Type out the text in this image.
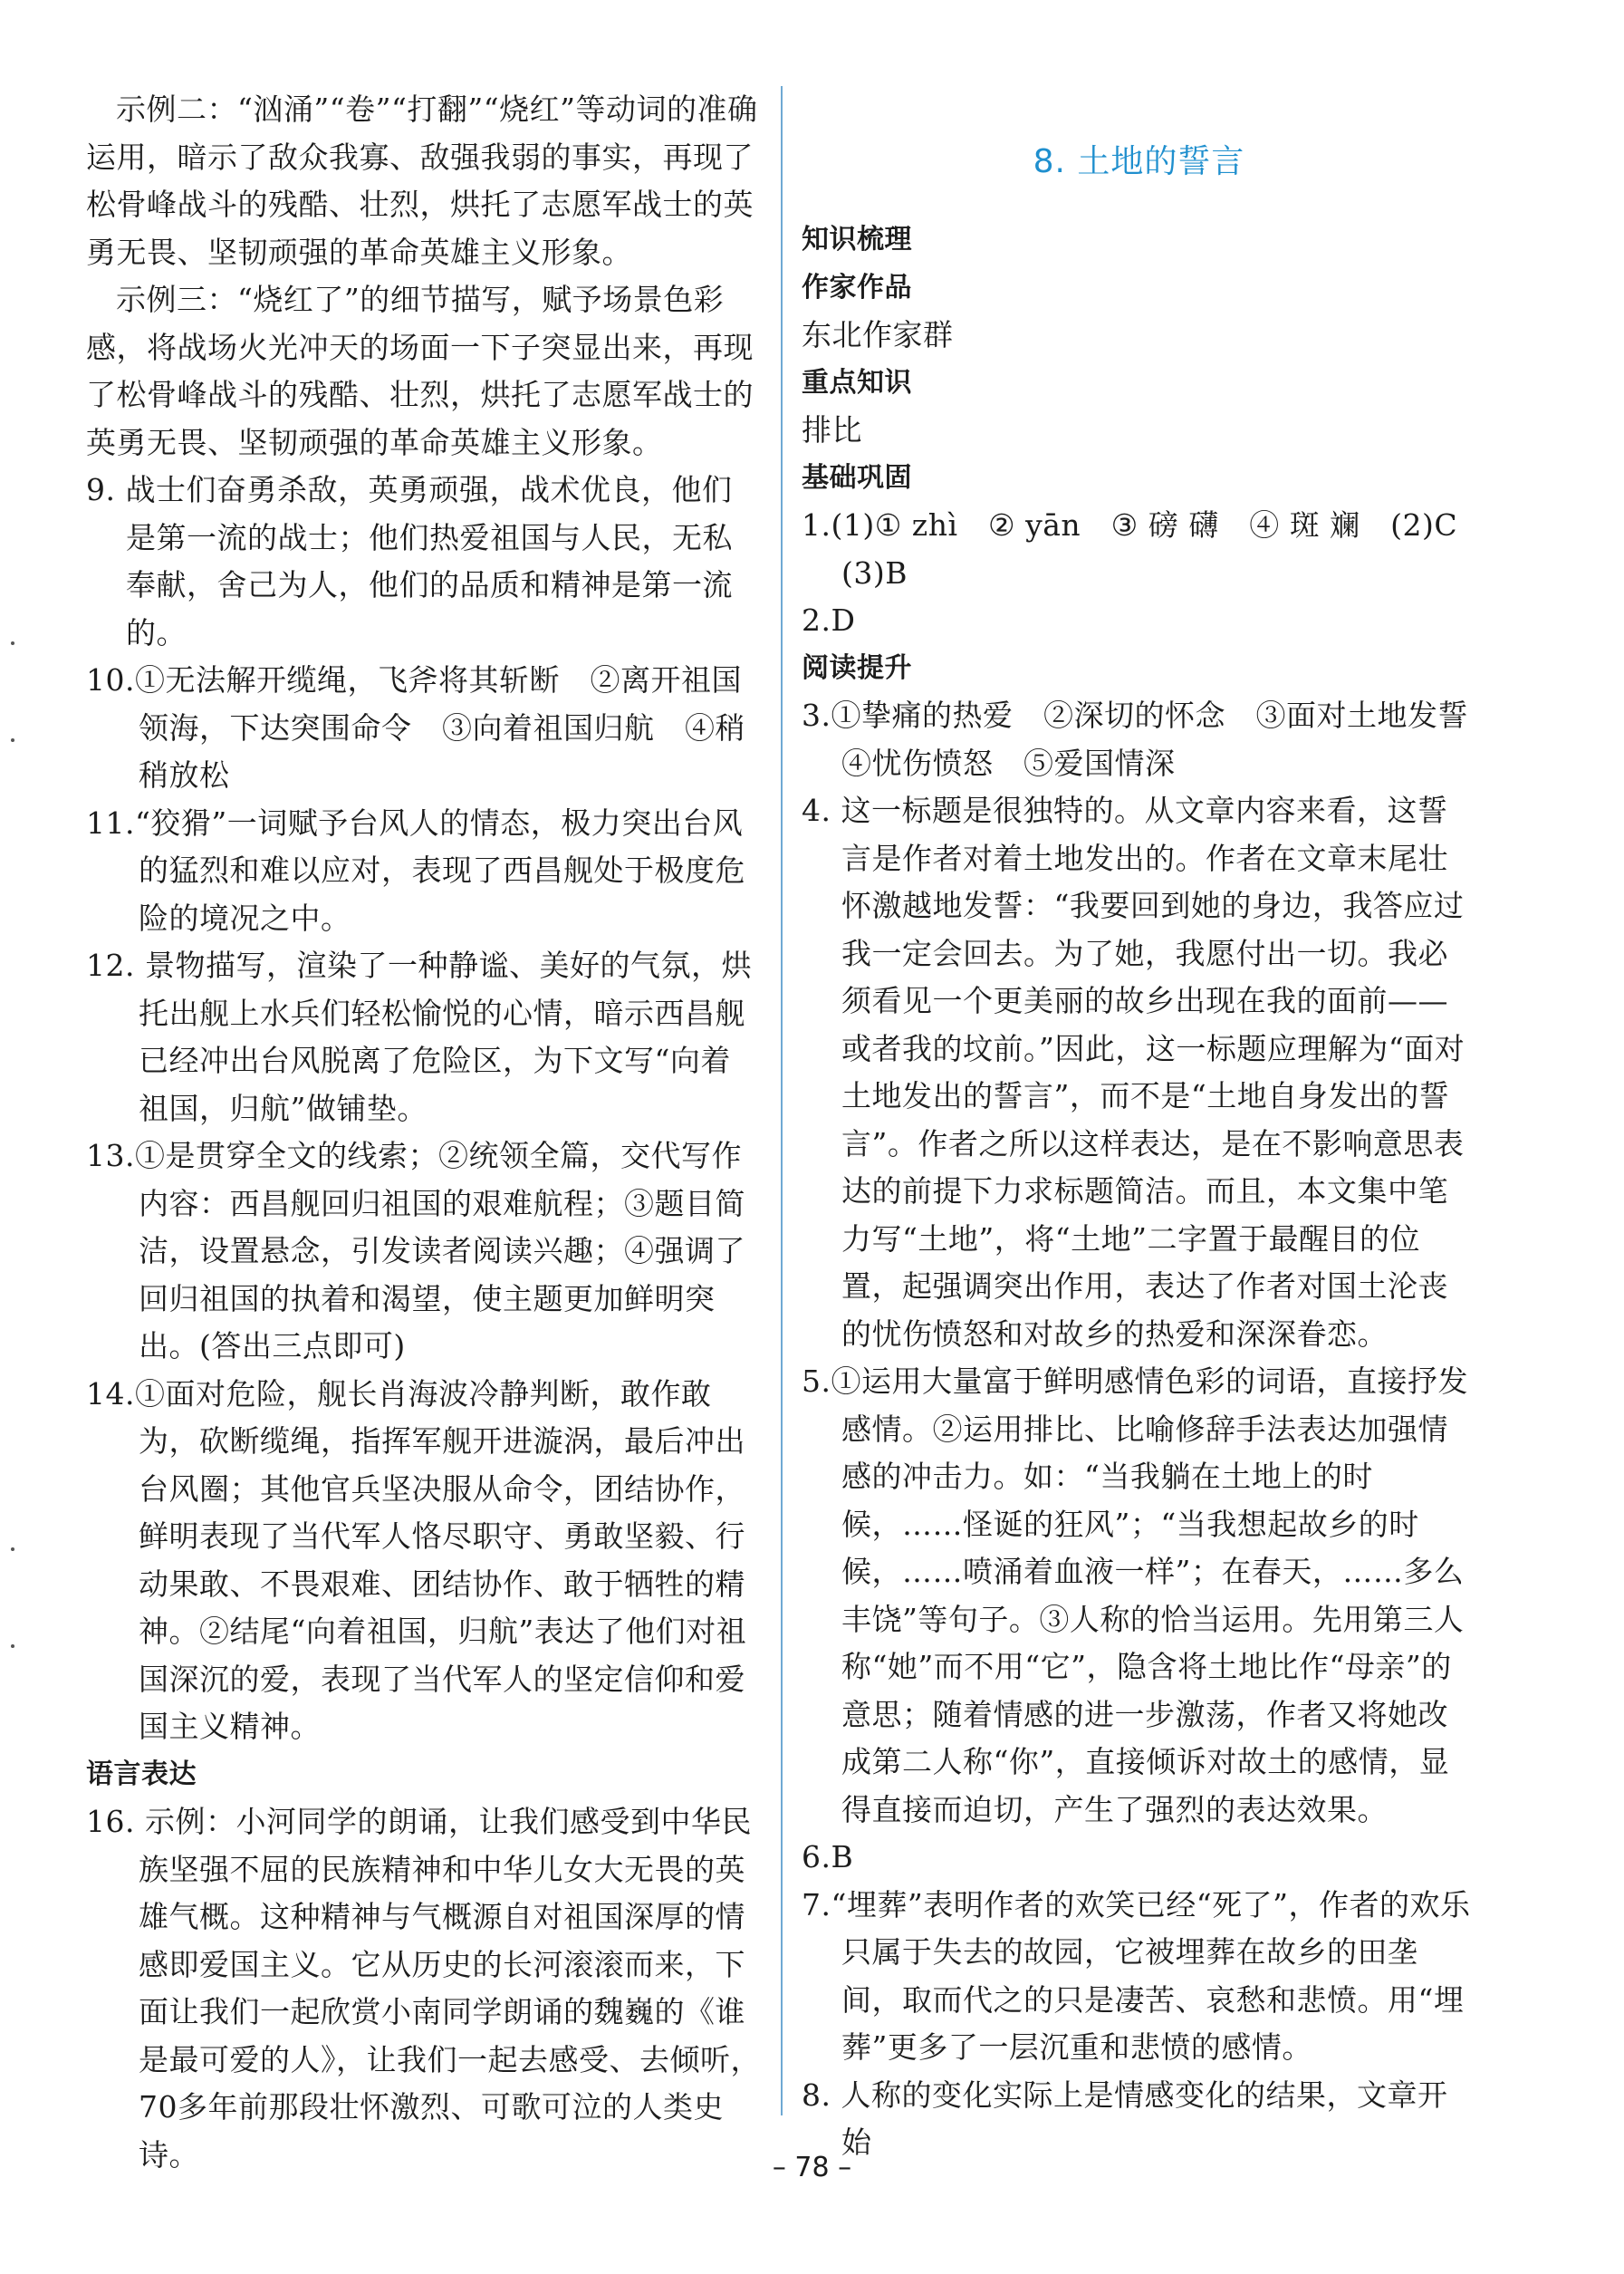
示例二：“汹涌”“卷”“打翻”“烧红”等动词的准确运用，暗示了敌众我寡、敌强我弱的事实，再现了松骨峰战斗的残酷、壮烈，烘托了志愿军战士的英勇无畏、坚韧顽强的革命英雄主义形象。

示例三：“烧红了”的细节描写，赋予场景色彩感，将战场火光冲天的场面一下子突显出来，再现了松骨峰战斗的残酷、壮烈，烘托了志愿军战士的英勇无畏、坚韧顽强的革命英雄主义形象。

9. 战士们奋勇杀敌，英勇顽强，战术优良，他们是第一流的战士；他们热爱祖国与人民，无私奉献，舍己为人，他们的品质和精神是第一流的。

10.①无法解开缆绳，飞斧将其斩断　②离开祖国领海，下达突围命令　③向着祖国归航　④稍稍放松

11.“狡猾”一词赋予台风人的情态，极力突出台风的猛烈和难以应对，表现了西昌舰处于极度危险的境况之中。

12. 景物描写，渲染了一种静谧、美好的气氛，烘托出舰上水兵们轻松愉悦的心情，暗示西昌舰已经冲出台风脱离了危险区，为下文写“向着祖国，归航”做铺垫。

13.①是贯穿全文的线索；②统领全篇，交代写作内容：西昌舰回归祖国的艰难航程；③题目简洁，设置悬念，引发读者阅读兴趣；④强调了回归祖国的执着和渴望，使主题更加鲜明突出。(答出三点即可)

14.①面对危险，舰长肖海波冷静判断，敢作敢为，砍断缆绳，指挥军舰开进漩涡，最后冲出台风圈；其他官兵坚决服从命令，团结协作，鲜明表现了当代军人恪尽职守、勇敢坚毅、行动果敢、不畏艰难、团结协作、敢于牺牲的精神。②结尾“向着祖国，归航”表达了他们对祖国深沉的爱，表现了当代军人的坚定信仰和爱国主义精神。

语言表达

16. 示例：小河同学的朗诵，让我们感受到中华民族坚强不屈的民族精神和中华儿女大无畏的英雄气概。这种精神与气概源自对祖国深厚的情感即爱国主义。它从历史的长河滚滚而来，下面让我们一起欣赏小南同学朗诵的魏巍的《谁是最可爱的人》，让我们一起去感受、去倾听，70多年前那段壮怀激烈、可歌可泣的人类史诗。

8. 土地的誓言

知识梳理

作家作品

东北作家群

重点知识

排比

基础巩固

1.(1)① zhì　② yān　③ 磅 礴　④ 斑 斓　(2)C　(3)B

2.D

阅读提升

3.①挚痛的热爱　②深切的怀念　③面对土地发誓　④忧伤愤怒　⑤爱国情深

4. 这一标题是很独特的。从文章内容来看，这誓言是作者对着土地发出的。作者在文章末尾壮怀激越地发誓：“我要回到她的身边，我答应过我一定会回去。为了她，我愿付出一切。我必须看见一个更美丽的故乡出现在我的面前——或者我的坟前。”因此，这一标题应理解为“面对土地发出的誓言”，而不是“土地自身发出的誓言”。作者之所以这样表达，是在不影响意思表达的前提下力求标题简洁。而且，本文集中笔力写“土地”，将“土地”二字置于最醒目的位置，起强调突出作用，表达了作者对国土沦丧的忧伤愤怒和对故乡的热爱和深深眷恋。

5.①运用大量富于鲜明感情色彩的词语，直接抒发感情。②运用排比、比喻修辞手法表达加强情感的冲击力。如：“当我躺在土地上的时候，……怪诞的狂风”；“当我想起故乡的时候，……喷涌着血液一样”；在春天，……多么丰饶”等句子。③人称的恰当运用。先用第三人称“她”而不用“它”，隐含将土地比作“母亲”的意思；随着情感的进一步激荡，作者又将她改成第二人称“你”，直接倾诉对故土的感情，显得直接而迫切，产生了强烈的表达效果。

6.B

7.“埋葬”表明作者的欢笑已经“死了”，作者的欢乐只属于失去的故园，它被埋葬在故乡的田垄间，取而代之的只是凄苦、哀愁和悲愤。用“埋葬”更多了一层沉重和悲愤的感情。

8. 人称的变化实际上是情感变化的结果，文章开始

– 78 –
